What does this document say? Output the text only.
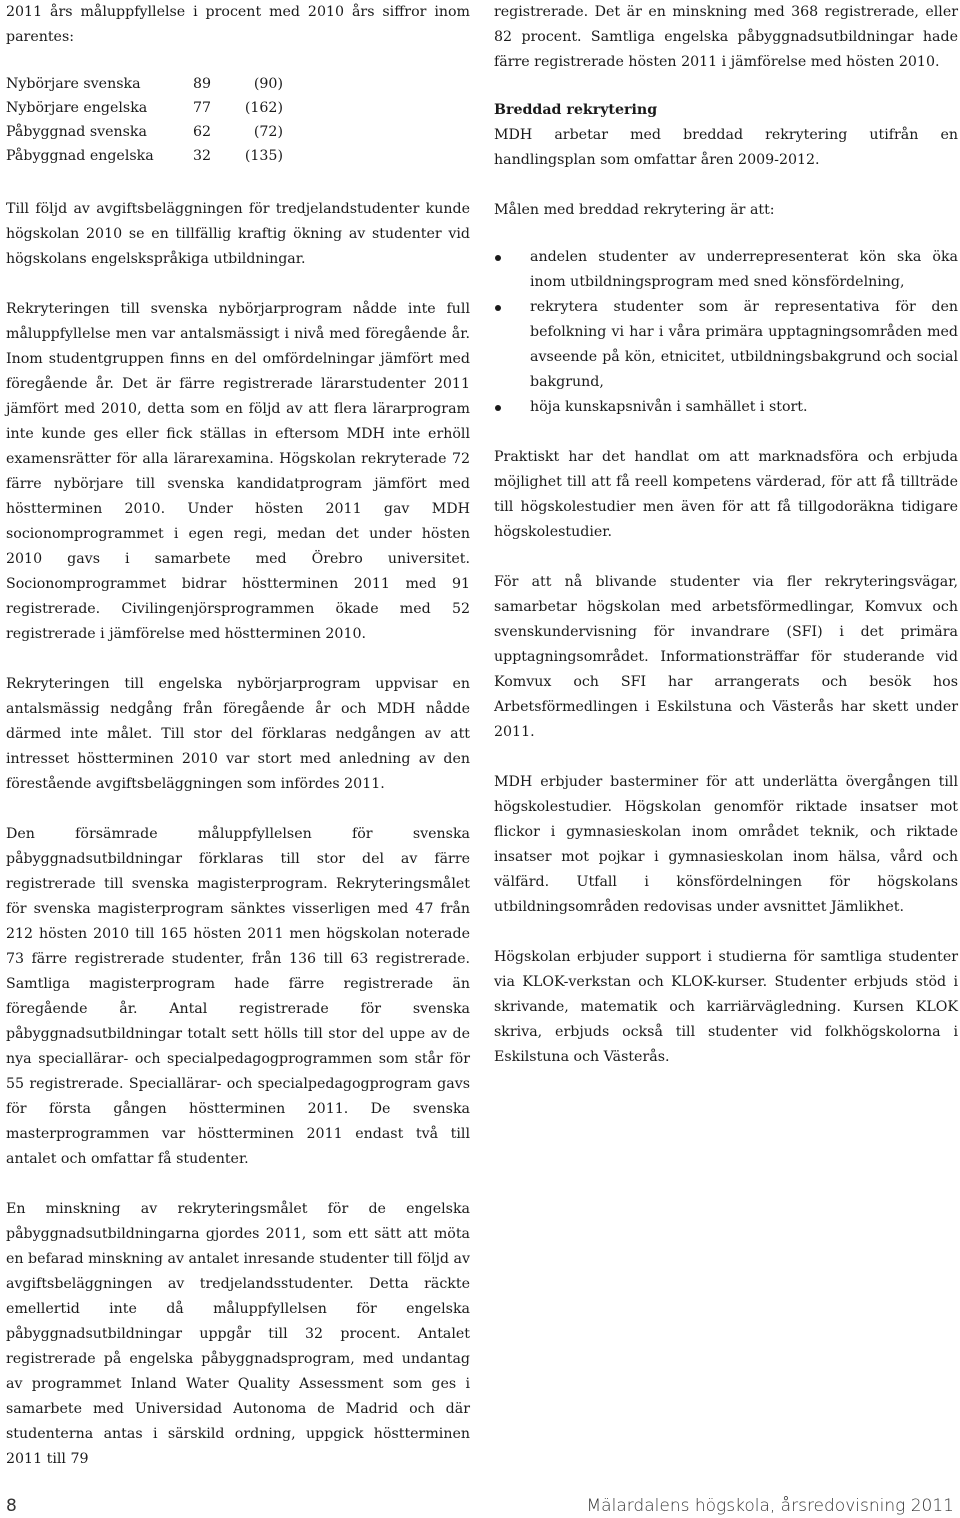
2011 års måluppfyllelse i procent med 2010 års siffror inom parentes:

Nybörjare svenska	89	(90)
Nybörjare engelska	77	(162)
Påbyggnad svenska	62	(72)
Påbyggnad engelska	32	(135)

Till följd av avgiftsbeläggningen för tredjelandstudenter kunde högskolan 2010 se en tillfällig kraftig ökning av studenter vid högskolans engelskspråkiga utbildningar.

Rekryteringen till svenska nybörjarprogram nådde inte full måluppfyllelse men var antalsmässigt i nivå med föregående år. Inom studentgruppen finns en del omfördelningar jämfört med föregående år. Det är färre registrerade lärarstudenter 2011 jämfört med 2010, detta som en följd av att flera lärarprogram inte kunde ges eller fick ställas in eftersom MDH inte erhöll examensrätter för alla lärarexamina. Högskolan rekryterade 72 färre nybörjare till svenska kandidatprogram jämfört med höstterminen 2010. Under hösten 2011 gav MDH socionomprogrammet i egen regi, medan det under hösten 2010 gavs i samarbete med Örebro universitet. Socionomprogrammet bidrar höstterminen 2011 med 91 registrerade. Civilingenjörsprogrammen ökade med 52 registrerade i jämförelse med höstterminen 2010.

Rekryteringen till engelska nybörjarprogram uppvisar en antalsmässig nedgång från föregående år och MDH nådde därmed inte målet. Till stor del förklaras nedgången av att intresset höstterminen 2010 var stort med anledning av den förestående avgiftsbeläggningen som infördes 2011.

Den försämrade måluppfyllelsen för svenska påbyggnadsutbildningar förklaras till stor del av färre registrerade till svenska magisterprogram. Rekryteringsmålet för svenska magisterprogram sänktes visserligen med 47 från 212 hösten 2010 till 165 hösten 2011 men högskolan noterade 73 färre registrerade studenter, från 136 till 63 registrerade. Samtliga magisterprogram hade färre registrerade än föregående år. Antal registrerade för svenska påbyggnadsutbildningar totalt sett hölls till stor del uppe av de nya speciallärar- och specialpedagogprogrammen som står för 55 registrerade. Speciallärar- och specialpedagogprogram gavs för första gången höstterminen 2011. De svenska masterprogrammen var höstterminen 2011 endast två till antalet och omfattar få studenter.

En minskning av rekryteringsmålet för de engelska påbyggnadsutbildningarna gjordes 2011, som ett sätt att möta en befarad minskning av antalet inresande studenter till följd av avgiftsbeläggningen av tredjelandsstudenter. Detta räckte emellertid inte då måluppfyllelsen för engelska påbyggnadsutbildningar uppgår till 32 procent. Antalet registrerade på engelska påbyggnadsprogram, med undantag av programmet Inland Water Quality Assessment som ges i samarbete med Universidad Autonoma de Madrid och där studenterna antas i särskild ordning, uppgick höstterminen 2011 till 79

registrerade. Det är en minskning med 368 registrerade, eller 82 procent. Samtliga engelska påbyggnadsutbildningar hade färre registrerade hösten 2011 i jämförelse med hösten 2010.

Breddad rekrytering

MDH arbetar med breddad rekrytering utifrån en handlingsplan som omfattar åren 2009-2012.

Målen med breddad rekrytering är att:

andelen studenter av underrepresenterat kön ska öka inom utbildningsprogram med sned könsfördelning,
rekrytera studenter som är representativa för den befolkning vi har i våra primära upptagningsområden med avseende på kön, etnicitet, utbildningsbakgrund och social bakgrund,
höja kunskapsnivån i samhället i stort.

Praktiskt har det handlat om att marknadsföra och erbjuda möjlighet till att få reell kompetens värderad, för att få tillträde till högskolestudier men även för att få tillgodoräkna tidigare högskolestudier.

För att nå blivande studenter via fler rekryteringsvägar, samarbetar högskolan med arbetsförmedlingar, Komvux och svenskundervisning för invandrare (SFI) i det primära upptagningsområdet. Informationsträffar för studerande vid Komvux och SFI har arrangerats och besök hos Arbetsförmedlingen i Eskilstuna och Västerås har skett under 2011.

MDH erbjuder basterminer för att underlätta övergången till högskolestudier. Högskolan genomför riktade insatser mot flickor i gymnasieskolan inom området teknik, och riktade insatser mot pojkar i gymnasieskolan inom hälsa, vård och välfärd. Utfall i könsfördelningen för högskolans utbildningsområden redovisas under avsnittet Jämlikhet.

Högskolan erbjuder support i studierna för samtliga studenter via KLOK-verkstan och KLOK-kurser. Studenter erbjuds stöd i skrivande, matematik och karriärvägledning. Kursen KLOK skriva, erbjuds också till studenter vid folkhögskolorna i Eskilstuna och Västerås.

8	Mälardalens högskola, årsredovisning 2011
